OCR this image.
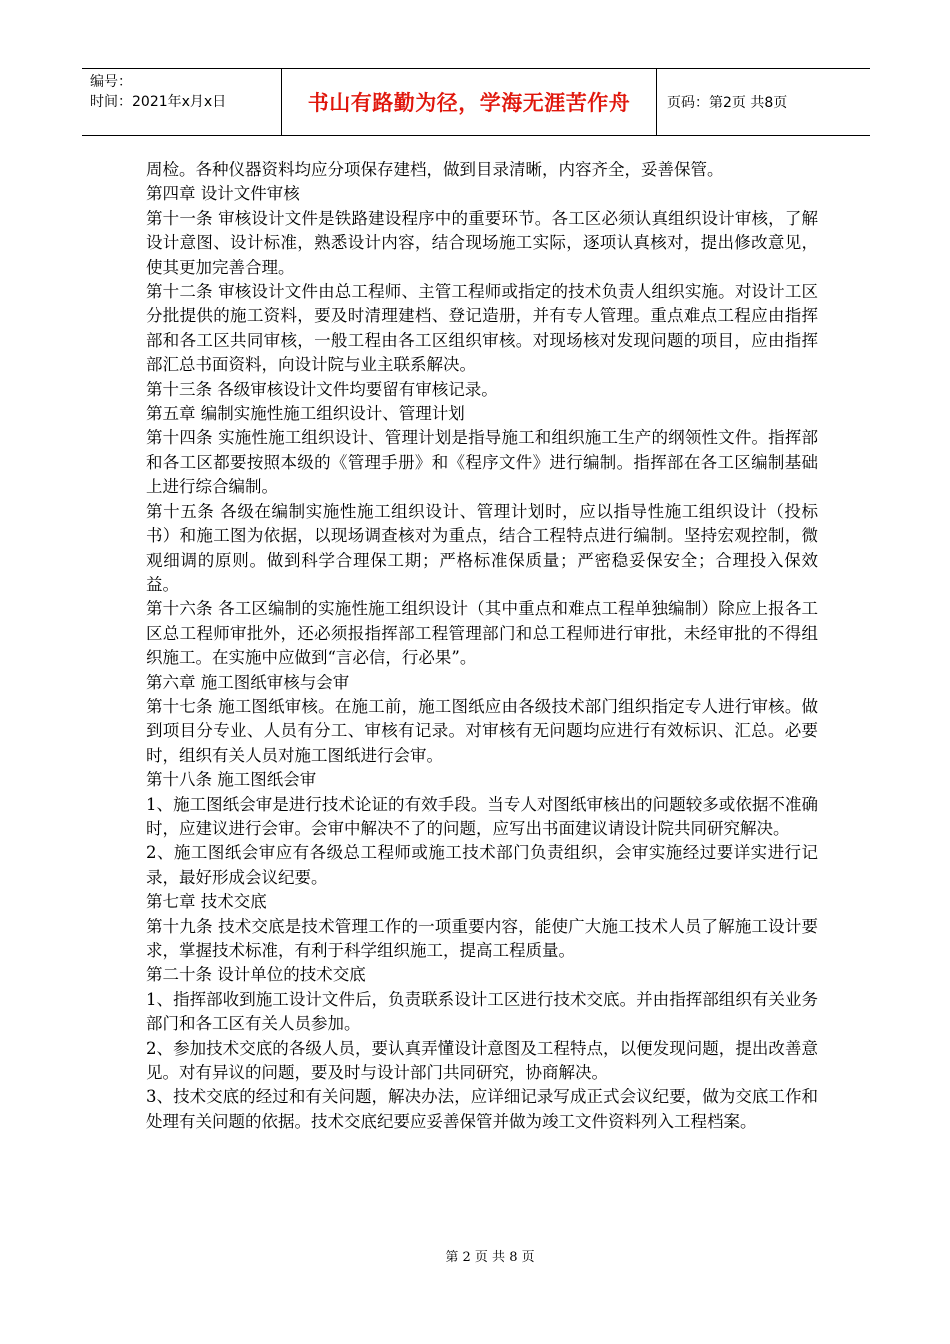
编号：
时间：2021年x月x日	书山有路勤为径，学海无涯苦作舟	页码：第2页 共8页

周检。各种仪器资料均应分项保存建档，做到目录清晰，内容齐全，妥善保管。

第四章 设计文件审核

第十一条 审核设计文件是铁路建设程序中的重要环节。各工区必须认真组织设计审核，了解设计意图、设计标准，熟悉设计内容，结合现场施工实际，逐项认真核对，提出修改意见，使其更加完善合理。

第十二条 审核设计文件由总工程师、主管工程师或指定的技术负责人组织实施。对设计工区分批提供的施工资料，要及时清理建档、登记造册，并有专人管理。重点难点工程应由指挥部和各工区共同审核，一般工程由各工区组织审核。对现场核对发现问题的项目，应由指挥部汇总书面资料，向设计院与业主联系解决。

第十三条 各级审核设计文件均要留有审核记录。

第五章 编制实施性施工组织设计、管理计划

第十四条 实施性施工组织设计、管理计划是指导施工和组织施工生产的纲领性文件。指挥部和各工区都要按照本级的《管理手册》和《程序文件》进行编制。指挥部在各工区编制基础上进行综合编制。

第十五条 各级在编制实施性施工组织设计、管理计划时，应以指导性施工组织设计（投标书）和施工图为依据，以现场调查核对为重点，结合工程特点进行编制。坚持宏观控制，微观细调的原则。做到科学合理保工期；严格标准保质量；严密稳妥保安全；合理投入保效益。

第十六条 各工区编制的实施性施工组织设计（其中重点和难点工程单独编制）除应上报各工区总工程师审批外，还必须报指挥部工程管理部门和总工程师进行审批，未经审批的不得组织施工。在实施中应做到“言必信，行必果”。

第六章 施工图纸审核与会审

第十七条 施工图纸审核。在施工前，施工图纸应由各级技术部门组织指定专人进行审核。做到项目分专业、人员有分工、审核有记录。对审核有无问题均应进行有效标识、汇总。必要时，组织有关人员对施工图纸进行会审。

第十八条 施工图纸会审

1、施工图纸会审是进行技术论证的有效手段。当专人对图纸审核出的问题较多或依据不准确时，应建议进行会审。会审中解决不了的问题，应写出书面建议请设计院共同研究解决。

2、施工图纸会审应有各级总工程师或施工技术部门负责组织，会审实施经过要详实进行记录，最好形成会议纪要。

第七章 技术交底

第十九条 技术交底是技术管理工作的一项重要内容，能使广大施工技术人员了解施工设计要求，掌握技术标准，有利于科学组织施工，提高工程质量。

第二十条 设计单位的技术交底

1、指挥部收到施工设计文件后，负责联系设计工区进行技术交底。并由指挥部组织有关业务部门和各工区有关人员参加。

2、参加技术交底的各级人员，要认真弄懂设计意图及工程特点，以便发现问题，提出改善意见。对有异议的问题，要及时与设计部门共同研究，协商解决。

3、技术交底的经过和有关问题，解决办法，应详细记录写成正式会议纪要，做为交底工作和处理有关问题的依据。技术交底纪要应妥善保管并做为竣工文件资料列入工程档案。

第 2 页 共 8 页
